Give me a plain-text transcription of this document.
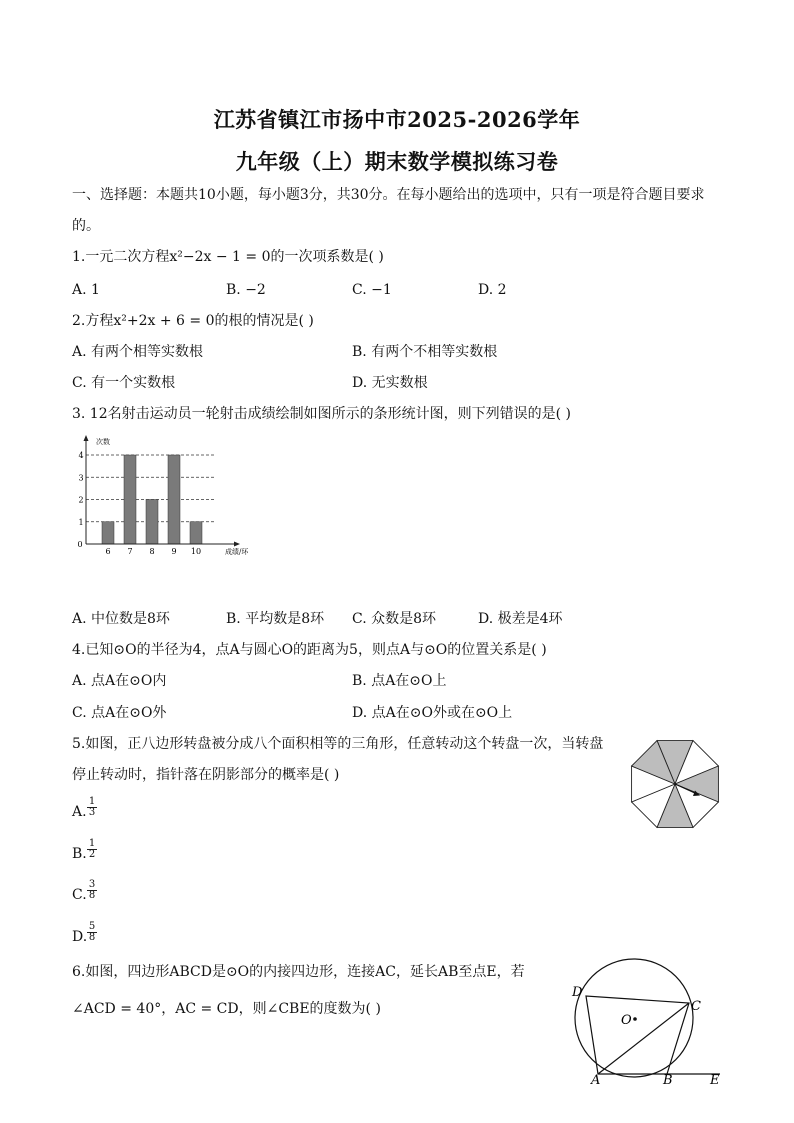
江苏省镇江市扬中市2025-2026学年
九年级（上）期末数学模拟练习卷
一、选择题：本题共10小题，每小题3分，共30分。在每小题给出的选项中，只有一项是符合题目要求
的。
1.一元二次方程x²−2x − 1 = 0的一次项系数是( )
A. 1	B. −2	C. −1	D. 2
2.方程x²+2x + 6 = 0的根的情况是( )
A. 有两个相等实数根	B. 有两个不相等实数根
C. 有一个实数根	D. 无实数根
3. 12名射击运动员一轮射击成绩绘制如图所示的条形统计图，则下列错误的是( )
次数
成绩/环
0
1
2
3
4
6 7 8 9 10
A. 中位数是8环	B. 平均数是8环 C. 众数是8环	D. 极差是4环
4.已知⊙O的半径为4，点A与圆心O的距离为5，则点A与⊙O的位置关系是( )
A. 点A在⊙O内	B. 点A在⊙O上
C. 点A在⊙O外	D. 点A在⊙O外或在⊙O上
5.如图，正八边形转盘被分成八个面积相等的三角形，任意转动这个转盘一次，当转盘
停止转动时，指针落在阴影部分的概率是( )
A. $\frac{1}{3}$
B. $\frac{1}{2}$
C. $\frac{3}{8}$
D. $\frac{5}{8}$
6.如图，四边形ABCD是⊙O的内接四边形，连接AC，延长AB至点E，若
∠ACD = 40°，AC = CD，则∠CBE的度数为( )
O
A	B
C
D
E
